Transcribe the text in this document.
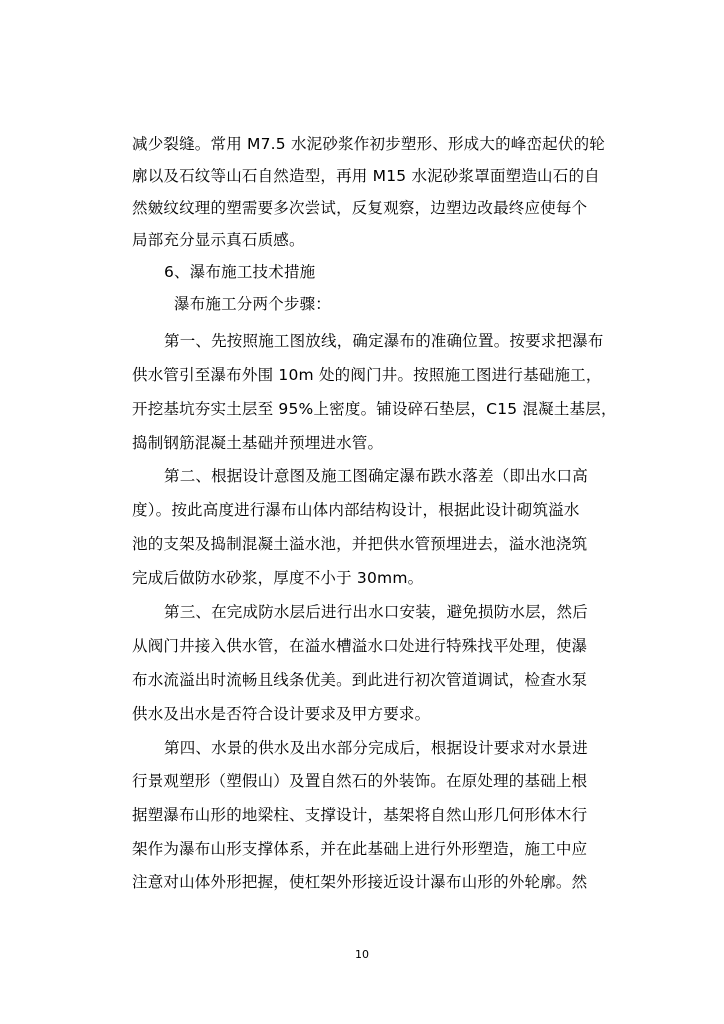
减少裂缝。常用 M7.5 水泥砂浆作初步塑形、形成大的峰峦起伏的轮
廓以及石纹等山石自然造型，再用 M15 水泥砂浆罩面塑造山石的自
然皴纹纹理的塑需要多次尝试，反复观察，边塑边改最终应使每个
局部充分显示真石质感。
6、瀑布施工技术措施
瀑布施工分两个步骤：
第一、先按照施工图放线，确定瀑布的准确位置。按要求把瀑布
供水管引至瀑布外围 10m 处的阀门井。按照施工图进行基础施工，
开挖基坑夯实土层至 95%上密度。铺设碎石垫层，C15 混凝土基层，
捣制钢筋混凝土基础并预埋进水管。
第二、根据设计意图及施工图确定瀑布跌水落差（即出水口高
度）。按此高度进行瀑布山体内部结构设计，根据此设计砌筑溢水
池的支架及捣制混凝土溢水池，并把供水管预埋进去，溢水池浇筑
完成后做防水砂浆，厚度不小于 30mm。
第三、在完成防水层后进行出水口安装，避免损防水层，然后
从阀门井接入供水管，在溢水槽溢水口处进行特殊找平处理，使瀑
布水流溢出时流畅且线条优美。到此进行初次管道调试，检查水泵
供水及出水是否符合设计要求及甲方要求。
第四、水景的供水及出水部分完成后，根据设计要求对水景进
行景观塑形（塑假山）及置自然石的外装饰。在原处理的基础上根
据塑瀑布山形的地梁柱、支撑设计，基架将自然山形几何形体木行
架作为瀑布山形支撑体系，并在此基础上进行外形塑造，施工中应
注意对山体外形把握，使杠架外形接近设计瀑布山形的外轮廓。然
10
